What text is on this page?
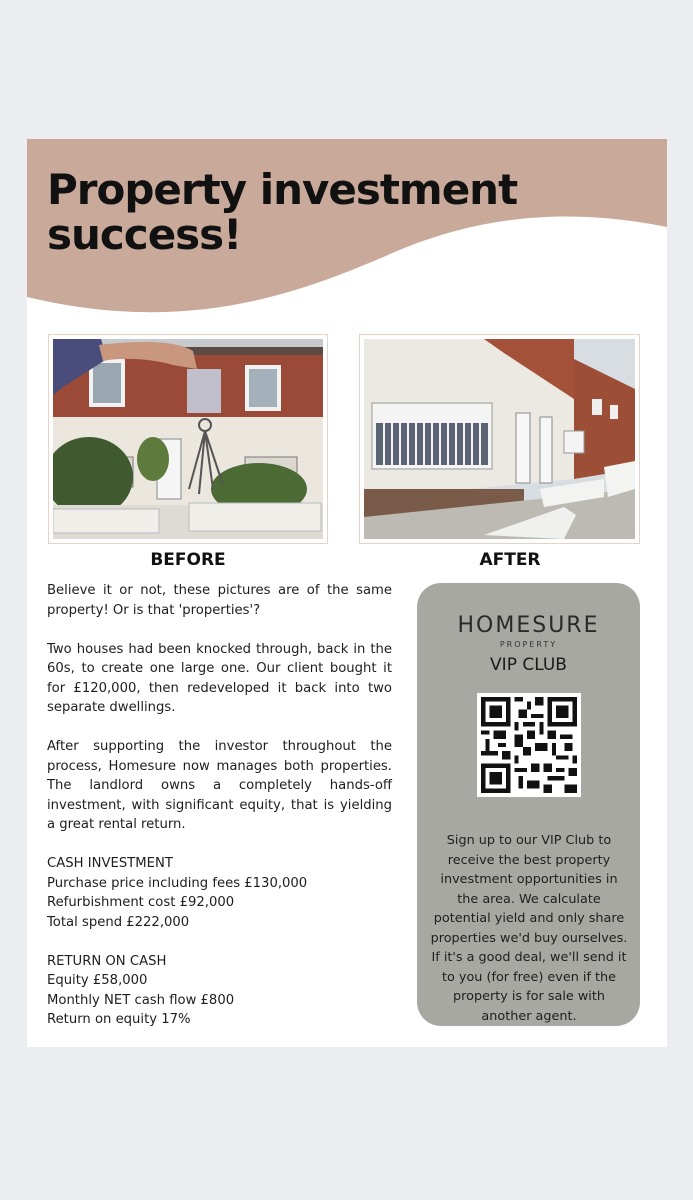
Property investment
success!
BEFORE	AFTER

Believe it or not, these pictures are of the same property! Or is that 'properties'?

Two houses had been knocked through, back in the 60s, to create one large one. Our client bought it for £120,000, then redeveloped it back into two separate dwellings.

After supporting the investor throughout the process, Homesure now manages both properties. The landlord owns a completely hands-off investment, with significant equity, that is yielding a great rental return.

CASH INVESTMENT
Purchase price including fees £130,000
Refurbishment cost £92,000
Total spend £222,000
RETURN ON CASH
Equity £58,000
Monthly NET cash flow £800
Return on equity 17%
HOMESURE
PROPERTY
VIP CLUB
Sign up to our VIP Club to receive the best property investment opportunities in the area. We calculate potential yield and only share properties we'd buy ourselves. If it's a good deal, we'll send it to you (for free) even if the property is for sale with another agent.
